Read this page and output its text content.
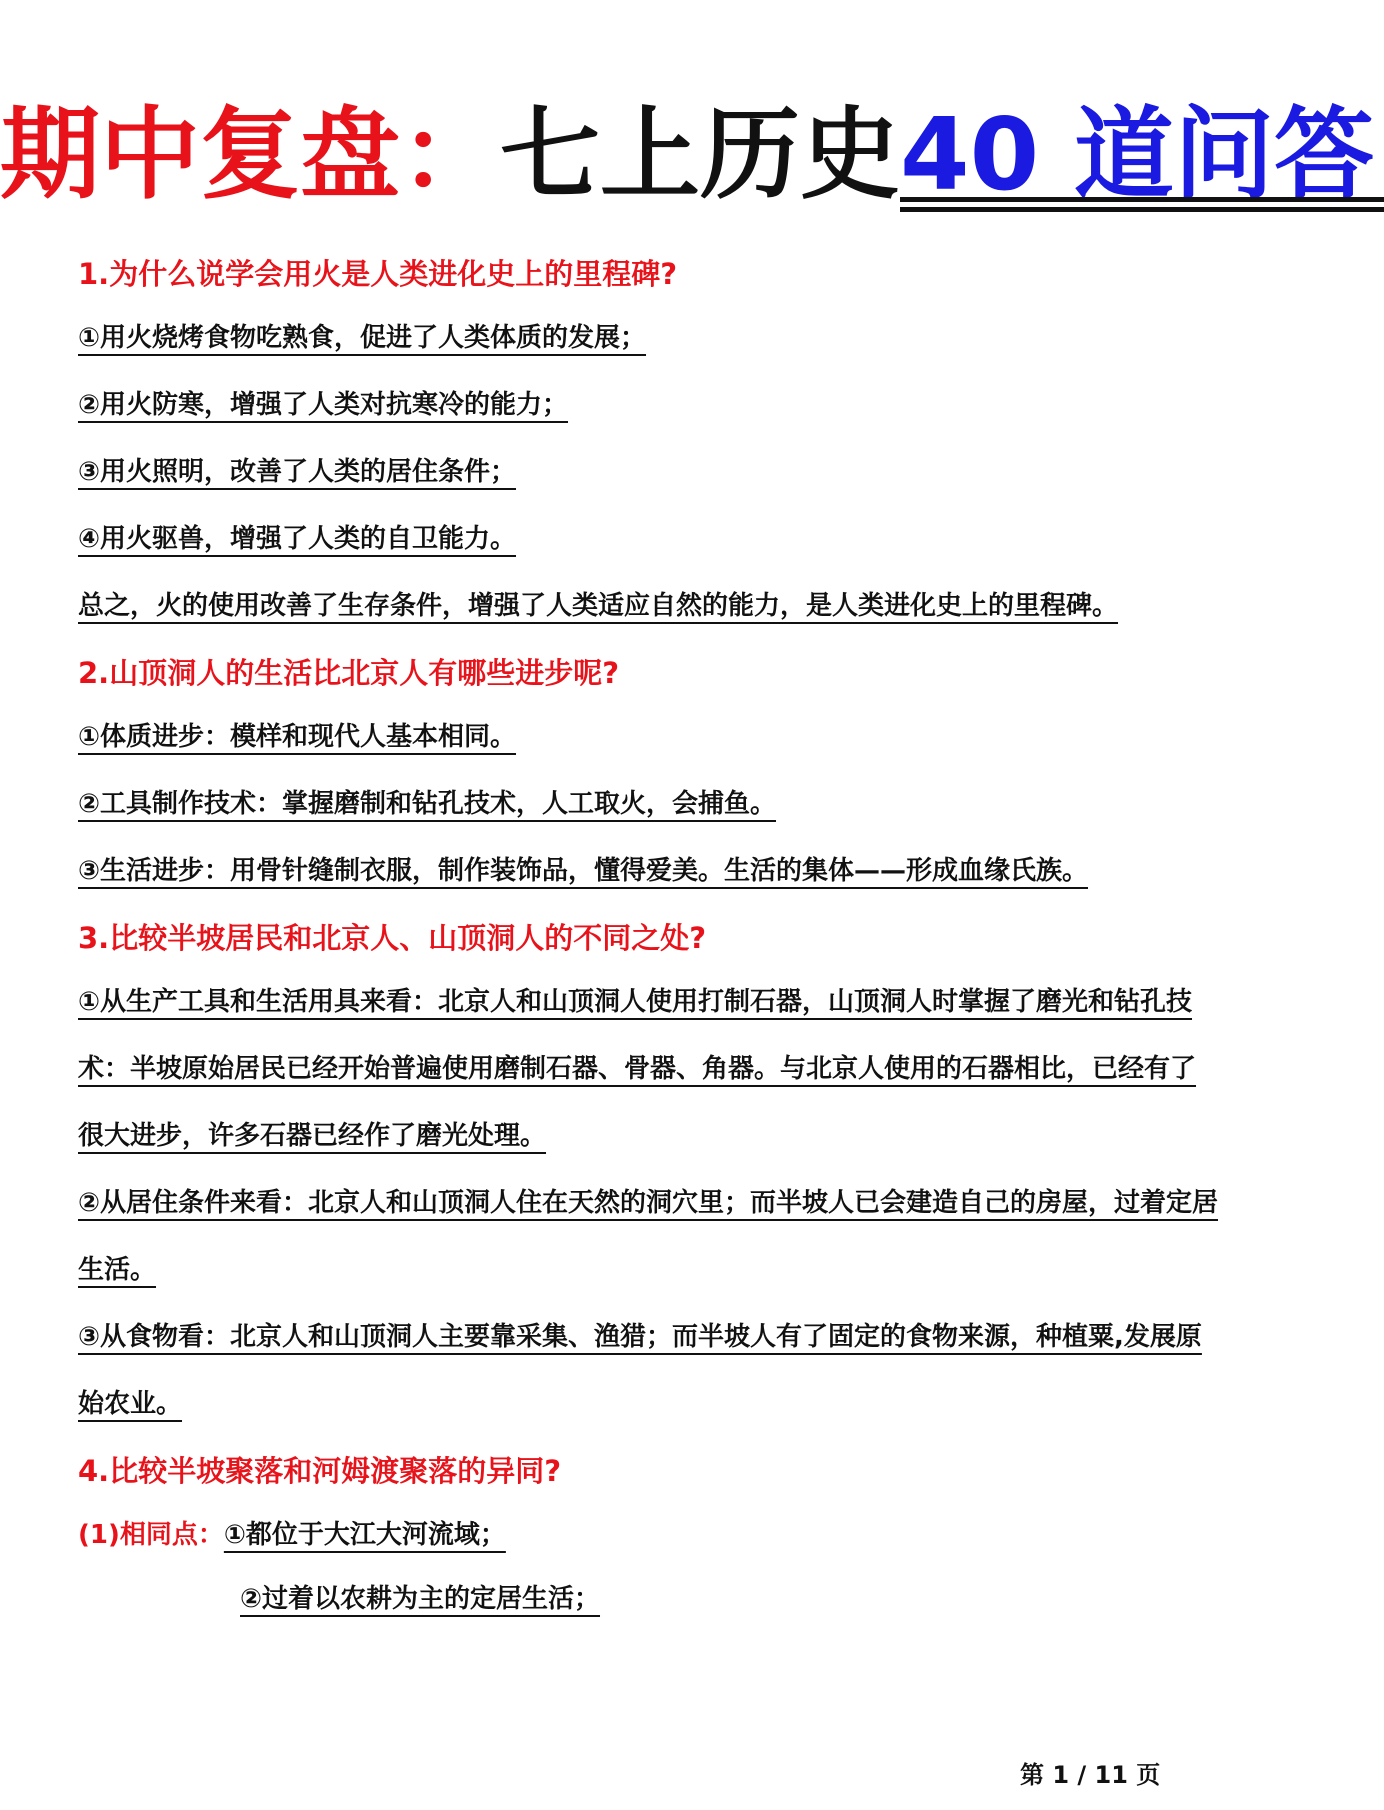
期中复盘：七上历史40 道问答
1.为什么说学会用火是人类进化史上的里程碑?
①用火烧烤食物吃熟食，促进了人类体质的发展；
②用火防寒，增强了人类对抗寒冷的能力；
③用火照明，改善了人类的居住条件；
④用火驱兽，增强了人类的自卫能力。
总之，火的使用改善了生存条件，增强了人类适应自然的能力，是人类进化史上的里程碑。
2.山顶洞人的生活比北京人有哪些进步呢?
①体质进步：模样和现代人基本相同。
②工具制作技术：掌握磨制和钻孔技术，人工取火，会捕鱼。
③生活进步：用骨针缝制衣服，制作装饰品，懂得爱美。生活的集体——形成血缘氏族。
3.比较半坡居民和北京人、山顶洞人的不同之处?
①从生产工具和生活用具来看：北京人和山顶洞人使用打制石器，山顶洞人时掌握了磨光和钻孔技术：半坡原始居民已经开始普遍使用磨制石器、骨器、角器。与北京人使用的石器相比，已经有了很大进步，许多石器已经作了磨光处理。
②从居住条件来看：北京人和山顶洞人住在天然的洞穴里；而半坡人已会建造自己的房屋，过着定居生活。
③从食物看：北京人和山顶洞人主要靠采集、渔猎；而半坡人有了固定的食物来源，种植粟,发展原始农业。
4.比较半坡聚落和河姆渡聚落的异同?
(1)相同点： ①都位于大江大河流域；
②过着以农耕为主的定居生活；
第 1 / 11 页
